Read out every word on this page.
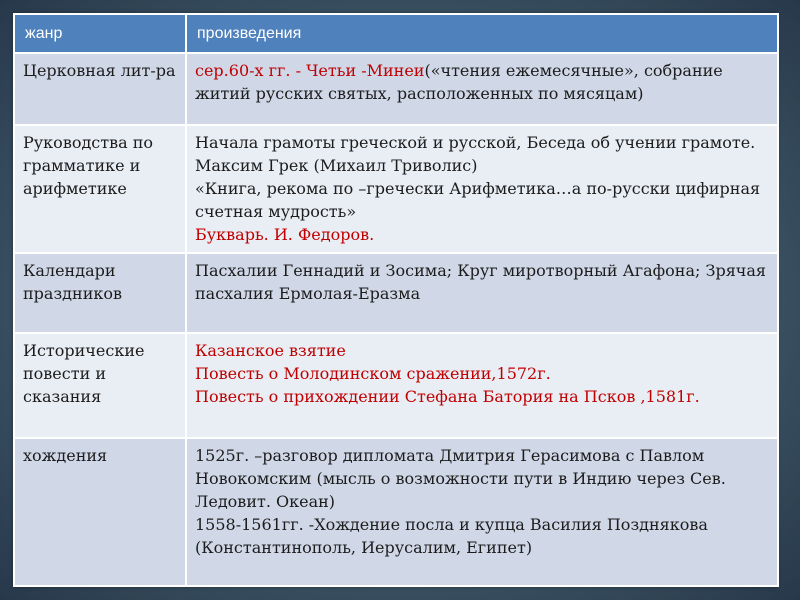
жанр	произведения
Церковная лит-ра	сер.60-х гг. - Четьи -Минеи(«чтения ежемесячные», собрание житий русских святых, расположенных по мясяцам)
Руководства по грамматике и арифметике	Начала грамоты греческой и русской, Беседа об учении грамоте. Максим Грек (Михаил Триволис)
«Книга, рекома по –гречески Арифметика…а по-русски цифирная счетная мудрость»
Букварь. И. Федоров.

Календари праздников	Пасхалии Геннадий и Зосима; Круг миротворный Агафона; Зрячая пасхалия Ермолая-Еразма

Исторические повести и сказания	Казанское взятие
Повесть о Молодинском сражении,1572г.
Повесть о прихождении Стефана Батория на Псков ,1581г.

хождения	1525г. –разговор дипломата Дмитрия Герасимова с Павлом Новокомским (мысль о возможности пути в Индию через Сев. Ледовит. Океан)
1558-1561гг. -Хождение посла и купца Василия Позднякова (Константинополь, Иерусалим, Египет)
